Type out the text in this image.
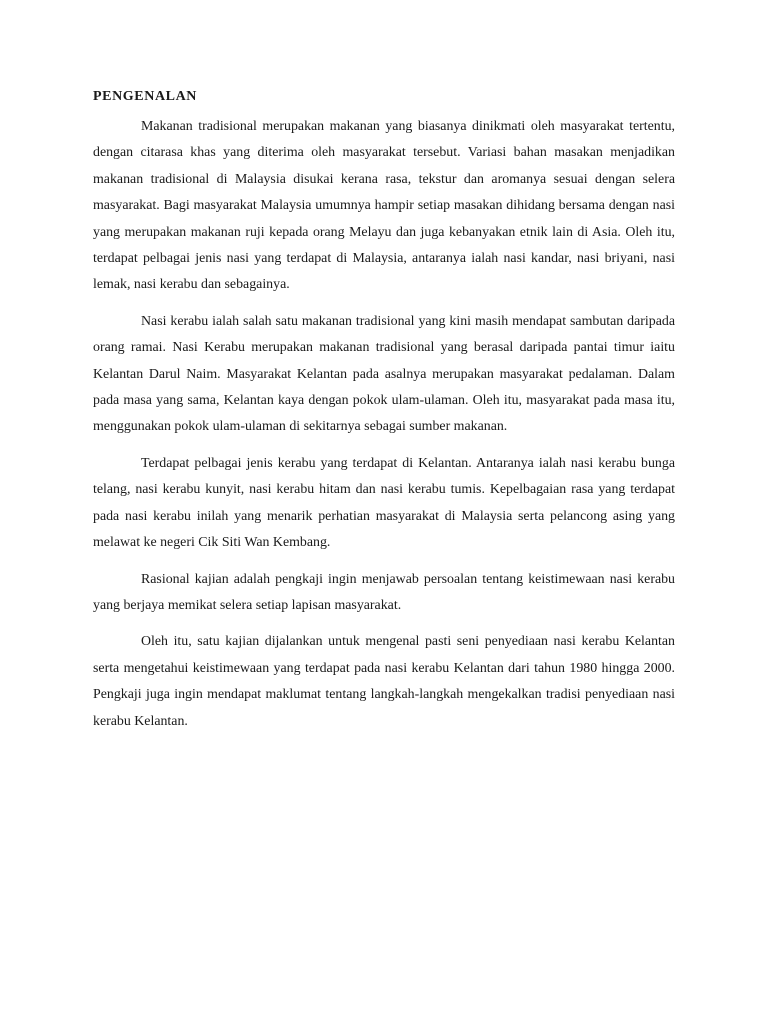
PENGENALAN

Makanan tradisional merupakan makanan yang biasanya dinikmati oleh masyarakat tertentu, dengan citarasa khas yang diterima oleh masyarakat tersebut. Variasi bahan masakan menjadikan makanan tradisional di Malaysia disukai kerana rasa, tekstur dan aromanya sesuai dengan selera masyarakat. Bagi masyarakat Malaysia umumnya hampir setiap masakan dihidang bersama dengan nasi yang merupakan makanan ruji kepada orang Melayu dan juga kebanyakan etnik lain di Asia. Oleh itu, terdapat pelbagai jenis nasi yang terdapat di Malaysia, antaranya ialah nasi kandar, nasi briyani, nasi lemak, nasi kerabu dan sebagainya.

Nasi kerabu ialah salah satu makanan tradisional yang kini masih mendapat sambutan daripada orang ramai. Nasi Kerabu merupakan makanan tradisional yang berasal daripada pantai timur iaitu Kelantan Darul Naim. Masyarakat Kelantan pada asalnya merupakan masyarakat pedalaman. Dalam pada masa yang sama, Kelantan kaya dengan pokok ulam-ulaman. Oleh itu, masyarakat pada masa itu, menggunakan pokok ulam-ulaman di sekitarnya sebagai sumber makanan.

Terdapat pelbagai jenis kerabu yang terdapat di Kelantan. Antaranya ialah nasi kerabu bunga telang, nasi kerabu kunyit, nasi kerabu hitam dan nasi kerabu tumis. Kepelbagaian rasa yang terdapat pada nasi kerabu inilah yang menarik perhatian masyarakat di Malaysia serta pelancong asing yang melawat ke negeri Cik Siti Wan Kembang.

Rasional kajian adalah pengkaji ingin menjawab persoalan tentang keistimewaan nasi kerabu yang berjaya memikat selera setiap lapisan masyarakat.

Oleh itu, satu kajian dijalankan untuk mengenal pasti seni penyediaan nasi kerabu Kelantan serta mengetahui keistimewaan yang terdapat pada nasi kerabu Kelantan dari tahun 1980 hingga 2000. Pengkaji juga ingin mendapat maklumat tentang langkah-langkah mengekalkan tradisi penyediaan nasi kerabu Kelantan.
